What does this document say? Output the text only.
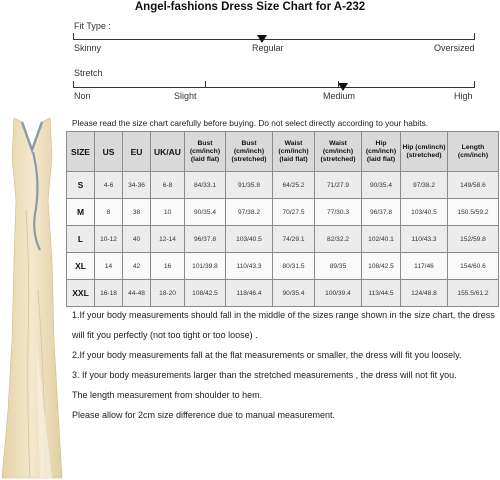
Angel-fashions Dress Size Chart for A-232
Fit Type :
Skinny	Regular	Oversized
Stretch
Non	Slight	Medium	High
Please read the size chart carefully before buying. Do not select directly according to your habits.
SIZE	US	EU	UK/AU	Bust (cm/inch) (laid flat)	Bust (cm/inch) (stretched)	Waist (cm/inch) (laid flat)	Waist (cm/inch) (stretched)	Hip (cm/inch) (laid flat)	Hip (cm/inch) (stretched)	Length (cm/inch)
S	4-6	34-36	6-8	84/33.1	91/35.8	64/25.2	71/27.9	90/35.4	97/38.2	149/58.6
M	8	38	10	90/35.4	97/38.2	70/27.5	77/30.3	96/37.8	103/40.5	150.5/59.2
L	10-12	40	12-14	96/37.8	103/40.5	74/29.1	82/32.2	102/40.1	110/43.3	152/59.8
XL	14	42	16	101/39.8	110/43.3	80/31.5	89/35	108/42.5	117/46	154/60.6
XXL	16-18	44-48	18-20	108/42.5	118/46.4	90/35.4	100/39.4	113/44.5	124/48.8	155.5/61.2

1.If your body measurements should fall in the middle of the sizes range shown in the size chart, the dress will fit you perfectly (not too tight or too loose) .

2.If your body measurements fall at the flat measurements or smaller, the dress will fit you loosely.

3. If your body measurements larger than the stretched measurements , the dress will not fit you.

The length measurement from shoulder to hem.

Please allow for 2cm size difference due to manual measurement.
